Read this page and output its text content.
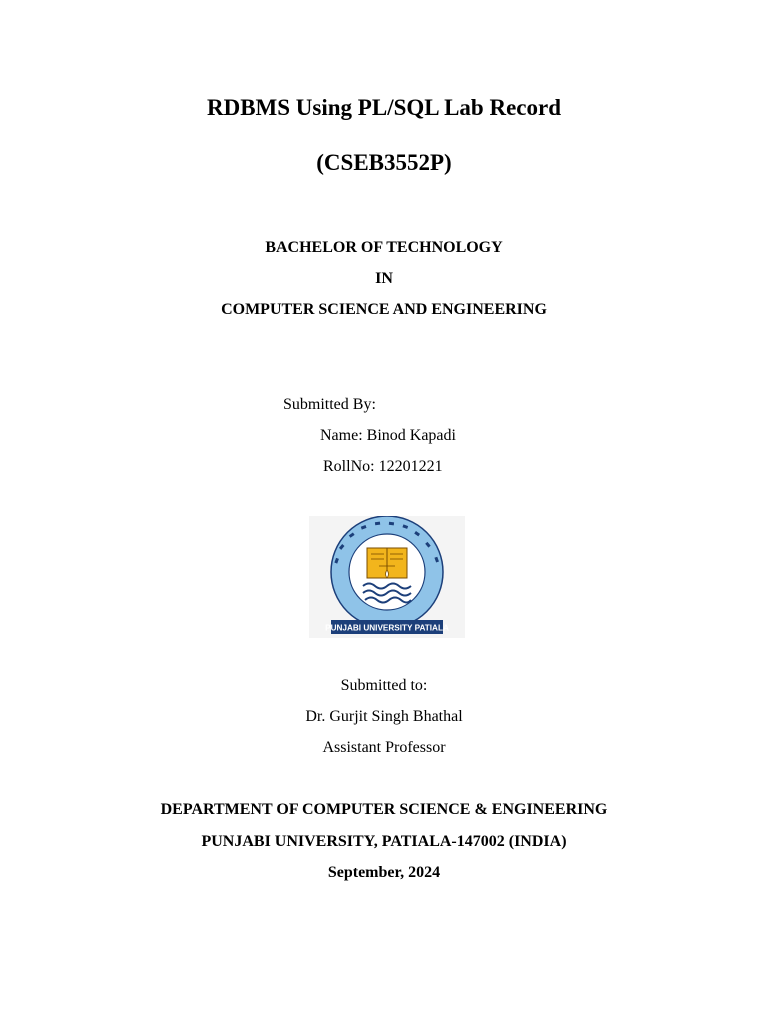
RDBMS Using PL/SQL Lab Record
(CSEB3552P)
BACHELOR OF TECHNOLOGY
IN
COMPUTER SCIENCE AND ENGINEERING
Submitted By:
Name: Binod Kapadi
RollNo: 12201221
PUNJABI UNIVERSITY PATIALA
Submitted to:
Dr. Gurjit Singh Bhathal
Assistant Professor
DEPARTMENT OF COMPUTER SCIENCE & ENGINEERING
PUNJABI UNIVERSITY, PATIALA-147002 (INDIA)
September, 2024
